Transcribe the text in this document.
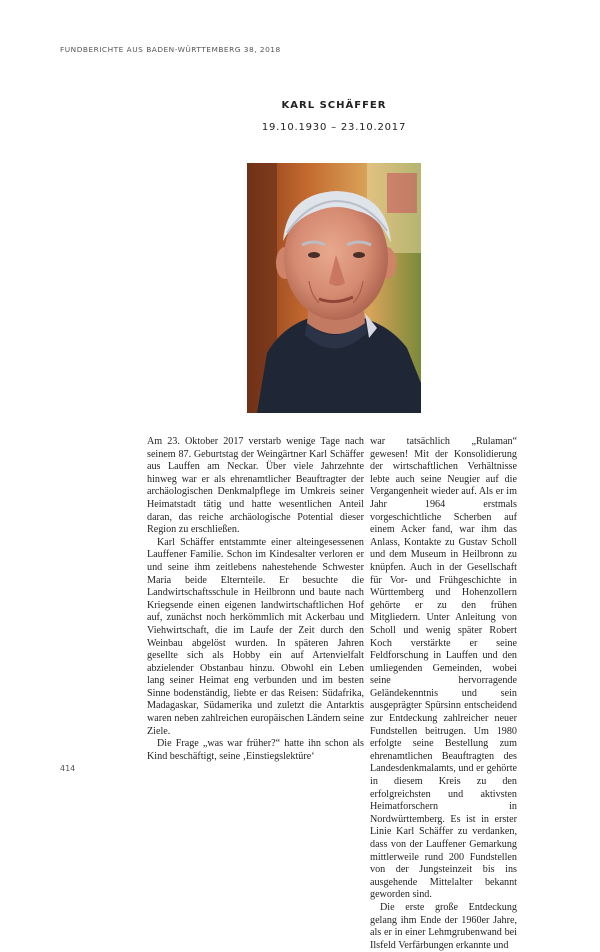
FUNDBERICHTE AUS BADEN-WÜRTTEMBERG 38, 2018
KARL SCHÄFFER
19.10.1930 – 23.10.2017

Am 23. Oktober 2017 verstarb wenige Tage nach seinem 87. Geburtstag der Weingärtner Karl Schäffer aus Lauffen am Neckar. Über viele Jahrzehnte hinweg war er als ehrenamtlicher Beauftragter der archäologischen Denkmalpflege im Umkreis seiner Heimatstadt tätig und hatte wesentlichen Anteil daran, das reiche archäologische Potential dieser Region zu erschließen.

Karl Schäffer entstammte einer alteingesessenen Lauffener Familie. Schon im Kindesalter verloren er und seine ihm zeitlebens nahestehende Schwester Maria beide Elternteile. Er besuchte die Landwirtschaftsschule in Heilbronn und baute nach Kriegsende einen eigenen landwirtschaftlichen Hof auf, zunächst noch herkömmlich mit Ackerbau und Viehwirtschaft, die im Laufe der Zeit durch den Weinbau abgelöst wurden. In späteren Jahren gesellte sich als Hobby ein auf Artenvielfalt abzielender Obstanbau hinzu. Obwohl ein Leben lang seiner Heimat eng verbunden und im besten Sinne bodenständig, liebte er das Reisen: Südafrika, Madagaskar, Südamerika und zuletzt die Antarktis waren neben zahlreichen europäischen Ländern seine Ziele.

Die Frage „was war früher?“ hatte ihn schon als Kind beschäftigt, seine ‚Einstiegslektüre‘

war tatsächlich „Rulaman“ gewesen! Mit der Konsolidierung der wirtschaftlichen Verhältnisse lebte auch seine Neugier auf die Vergangenheit wieder auf. Als er im Jahr 1964 erstmals vorgeschichtliche Scherben auf einem Acker fand, war ihm das Anlass, Kontakte zu Gustav Scholl und dem Museum in Heilbronn zu knüpfen. Auch in der Gesellschaft für Vor- und Frühgeschichte in Württemberg und Hohenzollern gehörte er zu den frühen Mitgliedern. Unter Anleitung von Scholl und wenig später Robert Koch verstärkte er seine Feldforschung in Lauffen und den umliegenden Gemeinden, wobei seine hervorragende Geländekenntnis und sein ausgeprägter Spürsinn entscheidend zur Entdeckung zahlreicher neuer Fundstellen beitrugen. Um 1980 erfolgte seine Bestellung zum ehrenamtlichen Beauftragten des Landesdenkmalamts, und er gehörte in diesem Kreis zu den erfolgreichsten und aktivsten Heimatforschern in Nordwürttemberg. Es ist in erster Linie Karl Schäffer zu verdanken, dass von der Lauffener Gemarkung mittlerweile rund 200 Fundstellen von der Jungsteinzeit bis ins ausgehende Mittelalter bekannt geworden sind.

Die erste große Entdeckung gelang ihm Ende der 1960er Jahre, als er in einer Lehmgrubenwand bei Ilsfeld Verfärbungen erkannte und

414
